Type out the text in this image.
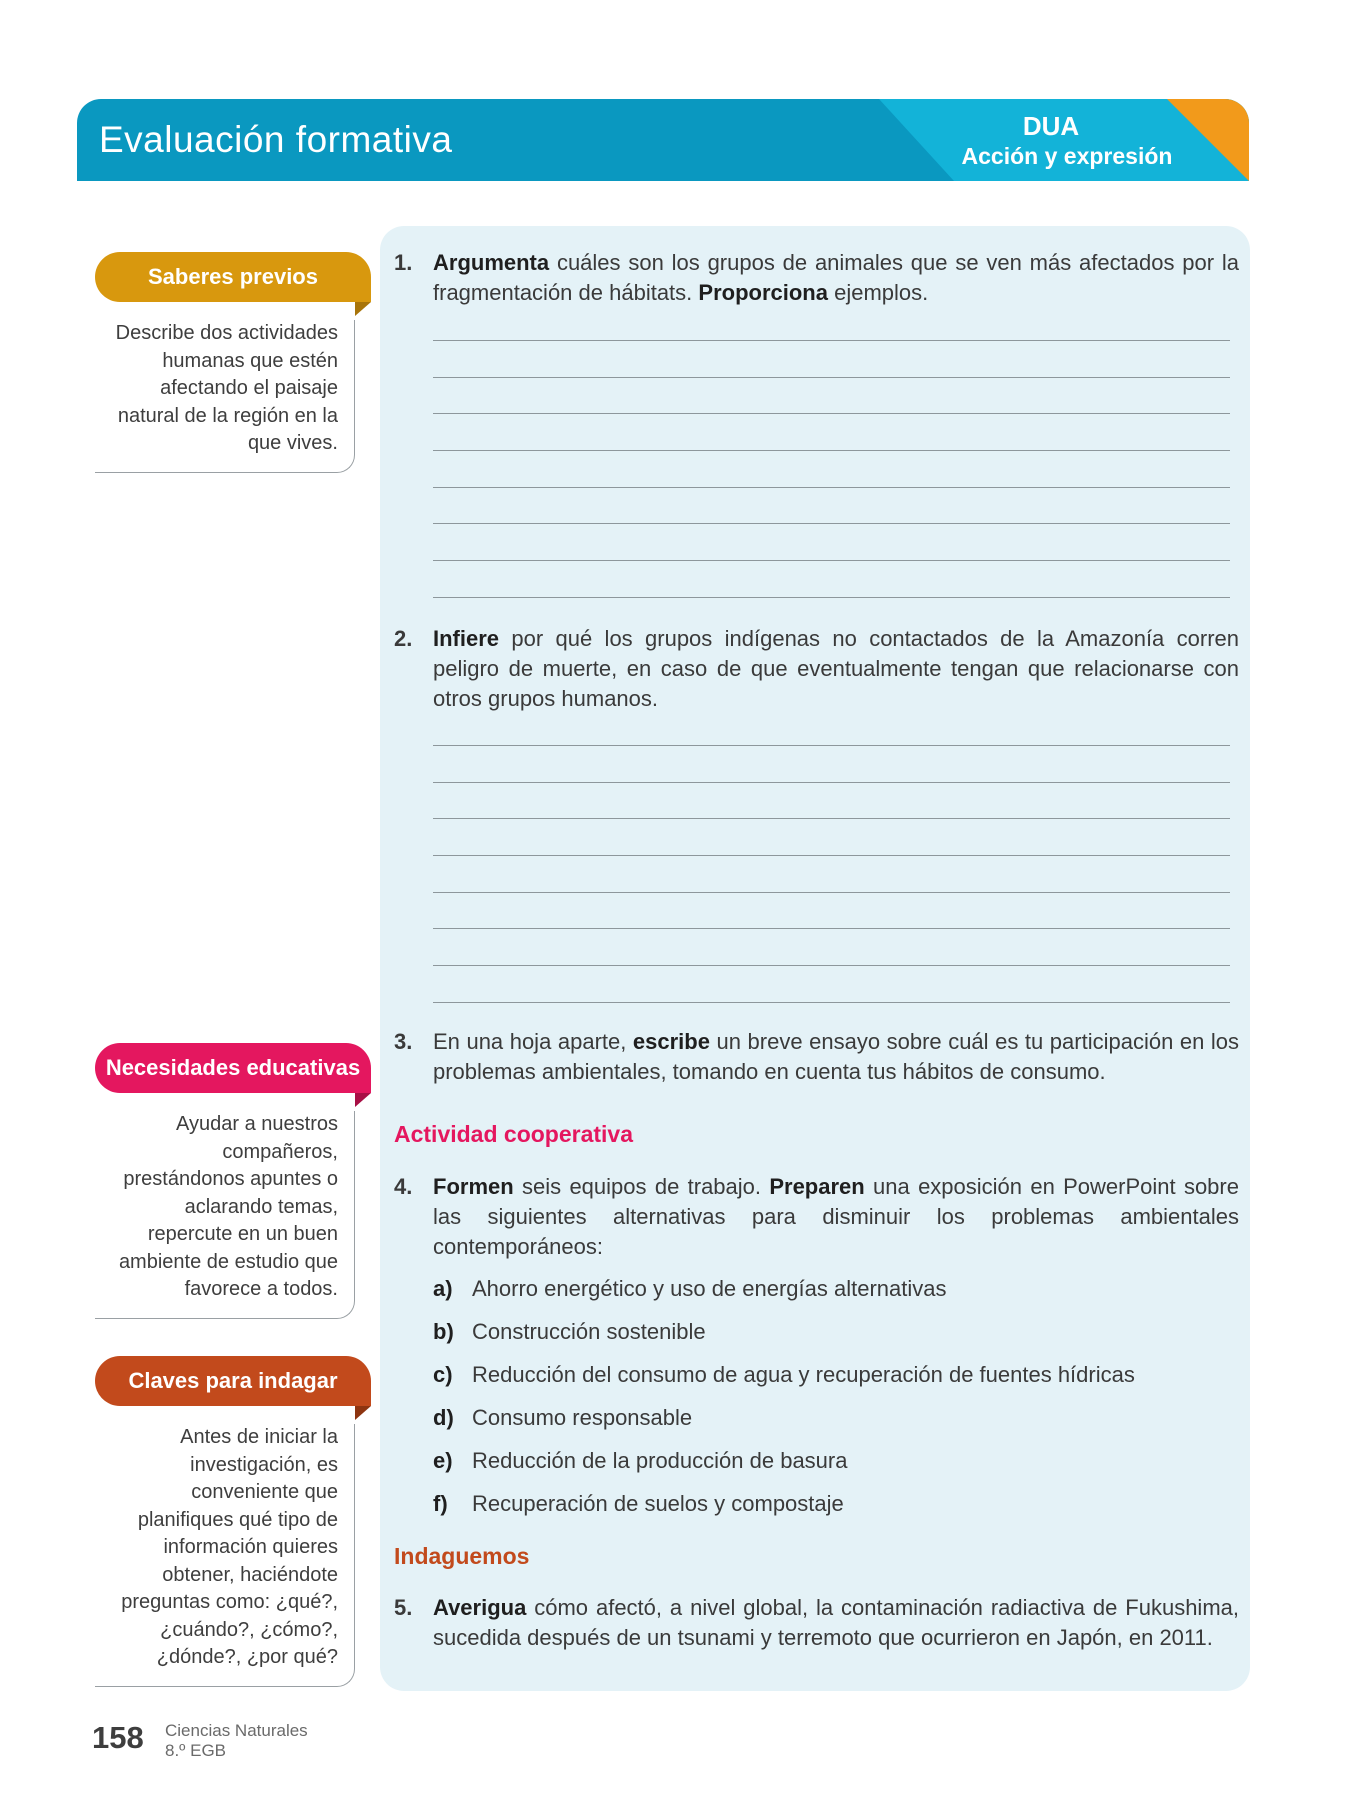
Evaluación formativa	DUA
Acción y expresión
Saberes previos
Describe dos actividades
humanas que estén
afectando el paisaje
natural de la región en la
que vives.
Necesidades educativas
Ayudar a nuestros
compañeros,
prestándonos apuntes o
aclarando temas,
repercute en un buen
ambiente de estudio que
favorece a todos.
Claves para indagar
Antes de iniciar la
investigación, es
conveniente que
planifiques qué tipo de
información quieres
obtener, haciéndote
preguntas como: ¿qué?,
¿cuándo?, ¿cómo?,
¿dónde?, ¿por qué?
1. Argumenta cuáles son los grupos de animales que se ven más afectados por la fragmentación de hábitats. Proporciona ejemplos.
2. Infiere por qué los grupos indígenas no contactados de la Amazonía corren peligro de muerte, en caso de que eventualmente tengan que relacionarse con otros grupos humanos.
3. En una hoja aparte, escribe un breve ensayo sobre cuál es tu participación en los problemas ambientales, tomando en cuenta tus hábitos de consumo.
Actividad cooperativa
4. Formen seis equipos de trabajo. Preparen una exposición en PowerPoint sobre las siguientes alternativas para disminuir los problemas ambientales contemporáneos:
a) Ahorro energético y uso de energías alternativas
b) Construcción sostenible
c) Reducción del consumo de agua y recuperación de fuentes hídricas
d) Consumo responsable
e) Reducción de la producción de basura
f) Recuperación de suelos y compostaje
Indaguemos
5. Averigua cómo afectó, a nivel global, la contaminación radiactiva de Fukushima, sucedida después de un tsunami y terremoto que ocurrieron en Japón, en 2011.
158 Ciencias Naturales
8.º EGB
